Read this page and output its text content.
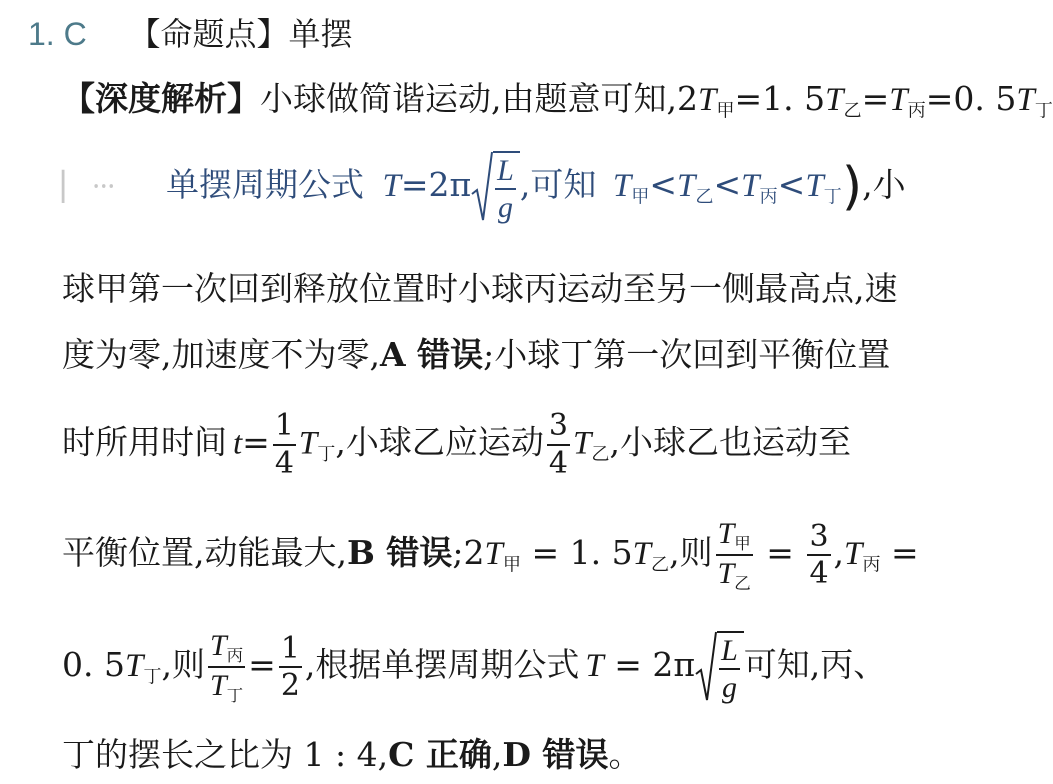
1. C 【命题点】单摆
【深度解析】小球做简谐运动,由题意可知$,2T_甲=1$. $5T_乙=T_丙=0$. $5T_丁$
▏ ⸱⸱⸱ 单摆周期公式 $T=2\pi \frac{L}{g}$ ,可知 $T_甲<T_乙<T_丙<T_丁$),小
球甲第一次回到释放位置时小球丙运动至另一侧最高点,速
度为零,加速度不为零,A 错误;小球丁第一次回到平衡位置
时所用时间 $t= \frac{1}{4} T_丁$,小球乙应运动 $\frac{3}{4} T_乙$,小球乙也运动至
平衡位置,动能最大,B 错误$;2T_甲 = 1$. $5T_乙$,则 $\frac{T_甲}{T_乙} = \frac{3}{4} ,T_丙$ =
0. $5T_丁$,则 $\frac{T_丙}{T_丁} = \frac{1}{2}$ ,根据单摆周期公式 $T = 2\pi \frac{L}{g}$ 可知,丙、
丁的摆长之比为 1 : 4,C 正确,D 错误。
